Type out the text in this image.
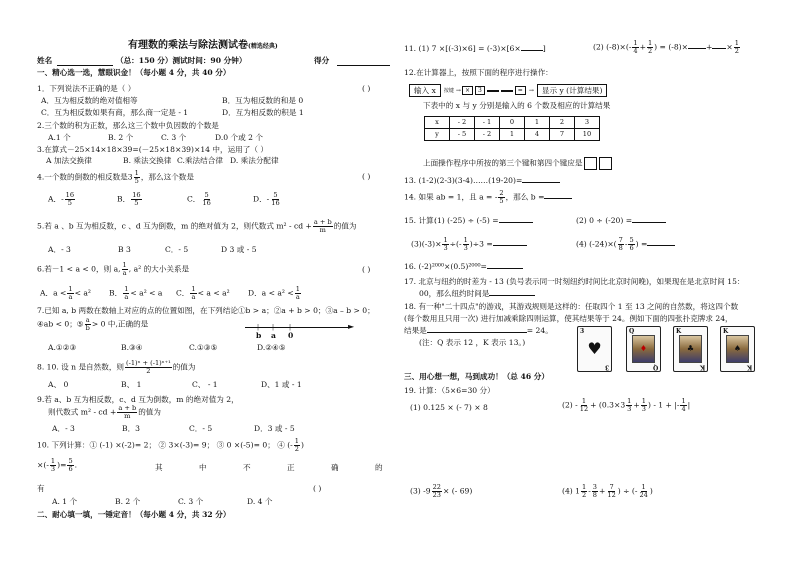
有理数的乘法与除法测试卷(精选经典)
姓名	（总：150 分）测试时间：90 分钟）	得分
一、精心选一选，慧眼识金！（每小题 4 分，共 40 分）
1．下列说法不正确的是（ ）	( )
A．互为相反数的绝对值相等	B．互为相反数的和是 0
C．互为相反数如果有商，那么商一定是 - 1	D．互为相反数的积是 1
2.三个数的积为正数，那么这三个数中负因数的个数是
A.1 个	B. 2 个	C. 3 个	D.0 个或 2 个
3.在算式－25×14×18×39=(－25×18×39)×14 中，运用了（ ）
A 加法交换律	B. 乘法交换律 C.乘法结合律 D. 乘法分配律
4.一个数的倒数的相反数是$3 \frac{1}{5}$ ，那么这个数是	( )
A．- $\frac{16}{5}$	B． $\frac{16}{5}$	C． $\frac{5}{16}$	D．- $\frac{5}{16}$
5.若 a 、b 互为相反数，c 、d 互为倒数，m 的绝对值为 2，则代数式 m² - cd + $\frac{a + b}{m}$ 的值为
A．- 3	B 3	C．- 5	D 3 或 - 5
6.若－1 < a < 0，则 a, $\frac{1}{a}$ , a² 的大小关系是	( )
A．$a < \frac{1}{a} < a^2$ B． $\frac{1}{a} < a^2 < a$ C． $\frac{1}{a} < a < a^2$ D．$a < a^2 < \frac{1}{a}$
7.已知 a, b 两数在数轴上对应的点的位置如图，在下列结论①b > a；②a + b > 0；③a – b > 0；
④ab < 0；⑤ $\frac{a}{b} > 0$ 中,正确的是	►
| | |
b a 0
A.①②③	B.③④	C.①③⑤	D.②④⑤
8. 10. 设 n 是自然数，则 $\frac{\text{(-1)ⁿ + (-1)ⁿ⁺¹}}{2}$ 的值为
A、 0	B、 1	C、 - 1	D、1 或 - 1
9.若 a、b 互为相反数，c、d 互为倒数，m 的绝对值为 2，
则代数式 m² - cd + $\frac{a + b}{m}$ 的值为
A．- 3	B．3	C．- 5	D．3 或 - 5
10. 下列计算：① (-1) ×(-2)= 2； ② 3×(-3)= 9； ③ 0 ×(-5)= 0； ④ (- $\frac{1}{2}$ )
×(- $\frac{1}{3}$ )= $\frac{5}{6}$ .	其	中	不	正	确	的
有	( )
A. 1 个	B. 2 个	C. 3 个	D. 4 个
二、耐心填一填，一锤定音！（每小题 4 分，共 32 分）
11. (1) 7 ×[(-3)×6] = (-3)×[6×	]	(2) $(-8)\times(- \frac{1}{4} + \frac{1}{2}$ ) = (-8)× + × $\frac{1}{2}$
12.在计算器上，按照下面的程序进行操作：
输入 x	按键 → ×	3	=	→	显示 y (计算结果)
下表中的 x 与 y 分别是输入的 6 个数及相应的计算结果
x	- 2	- 1	0	1	2	3
y	- 5	- 2	1	4	7	10
上面操作程序中所按的第三个键和第四个键应是
13. (1-2)(2-3)(3-4)……(19-20)=
14. 如果 ab = 1，且 a = - $\frac{2}{5}$ ，那么 b =
15. 计算：
(1) (-25) ÷ (-5) =	(2) 0 ÷ (-20) =
$(3)(-3)\times \frac{1}{3}$ ÷(- $\frac{1}{3} )\div 3$ =	(4) $(-24)\times( \frac{7}{8} - \frac{5}{6}$ ) =
16. (-2)²⁰⁰⁰×(0.5)²⁰⁰⁰=
17. 北京与纽约的时差为 - 13 (负号表示同一时刻纽约时间比北京时间晚)，如果现在是北京时间 15：
00，那么纽约时间是
18. 有一种"二十四点"的游戏，其游戏规则是这样的：任取四个 1 至 13 之间的自然数，将这四个数
(每个数用且只用一次) 进行加减乘除四则运算，使其结果等于 24。例如下面的四张扑克牌求 24，
结果是	= 24。
(注：Q 表示 12 ，K 表示 13。)
3
3
♥
Q
Q
♦
K
K
♣
K
K
♠
三、用心想一想，马到成功！（总 46 分）
19. 计算：（5×6=30 分）
(1) 0.125 × (- 7) × 8	$(2) - \frac{1}{12} + (0.3\times 3 \frac{1}{3} + \frac{1}{3}$ ) - 1 + |- $\frac{1}{4}$ |
(3) $-9 \frac{22}{23}$ × (- 69)	(4) $1 \frac{1}{2} - \frac{3}{8} + \frac{7}{12}$ ) ÷ (- $\frac{1}{24}$ )
